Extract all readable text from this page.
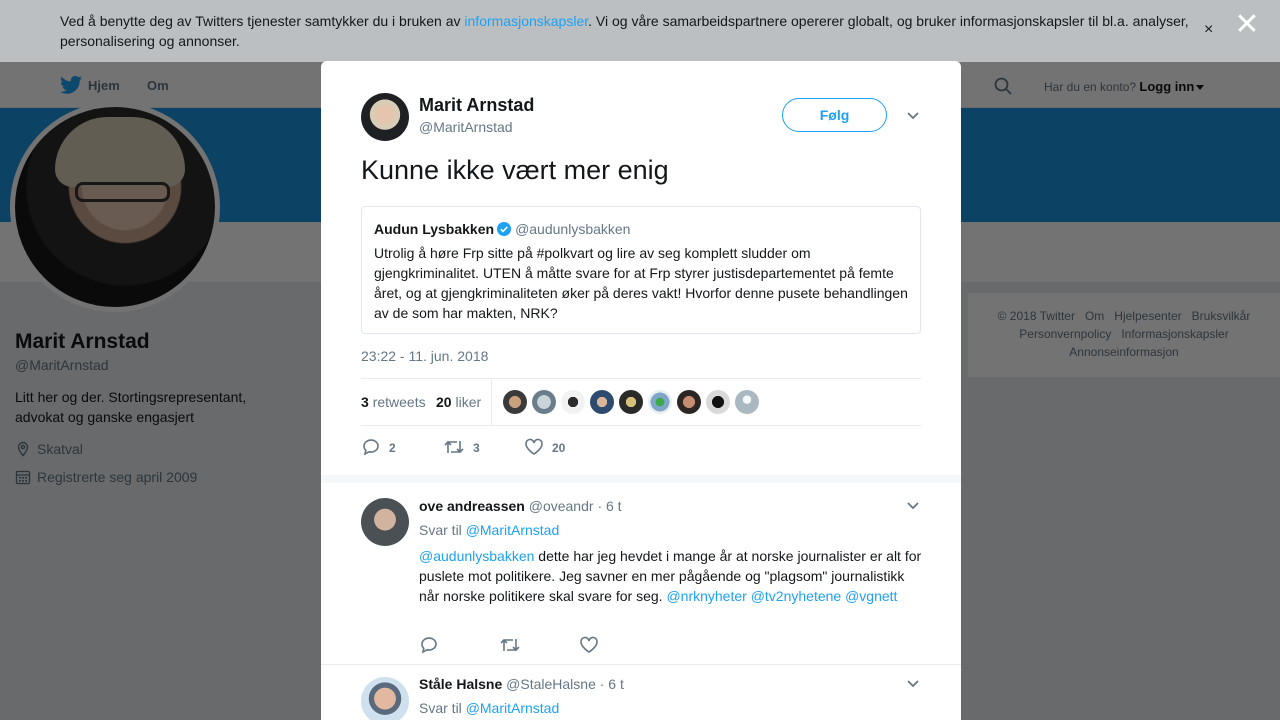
Ved å benytte deg av Twitters tjenester samtykker du i bruken av informasjonskapsler. Vi og våre samarbeidspartnere opererer globalt, og bruker informasjonskapsler til bl.a. analyser, personalisering og annonser.
× ✕
Marit Arnstad
@MaritArnstad
Følg
Kunne ikke vært mer enig
Audun Lysbakken @audunlysbakken
Utrolig å høre Frp sitte på #polkvart og lire av seg komplett sludder om gjengkriminalitet. UTEN å måtte svare for at Frp styrer justisdepartementet på femte året, og at gjengkriminaliteten øker på deres vakt! Hvorfor denne pusete behandlingen av de som har makten, NRK?
23:22 - 11. jun. 2018
3 retweets 20 liker
2	3	20
ove andreassen @oveandr · 6 t
Svar til @MaritArnstad
@audunlysbakken dette har jeg hevdet i mange år at norske journalister er alt for puslete mot politikere. Jeg savner en mer pågående og "plagsom" journalistikk når norske politikere skal svare for seg. @nrknyheter @tv2nyhetene @vgnett
Ståle Halsne @StaleHalsne · 6 t
Svar til @MaritArnstad
